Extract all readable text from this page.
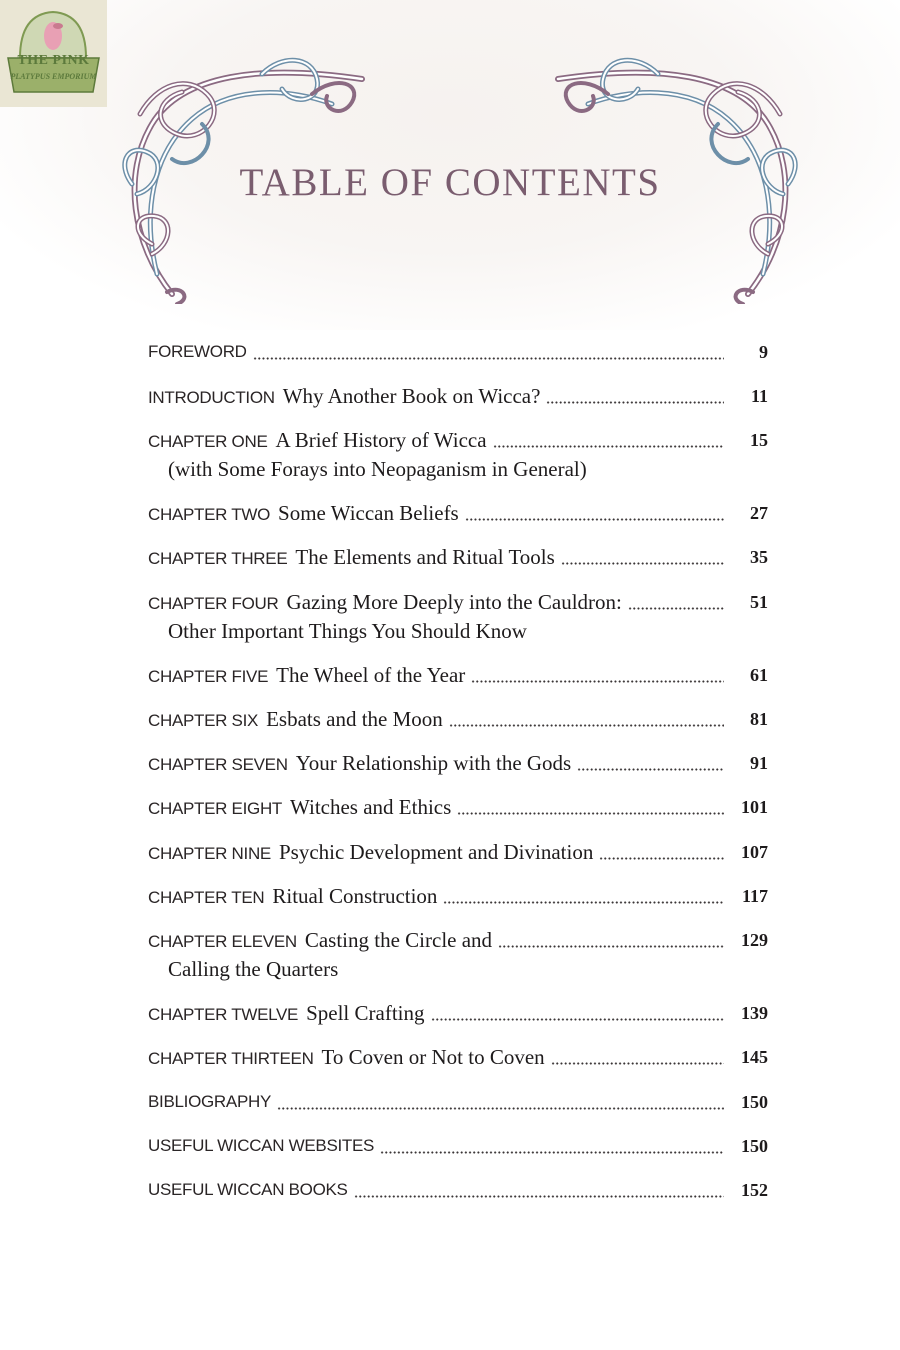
THE PINK
PLATYPUS EMPORIUM
TABLE OF CONTENTS
FOREWORD	9
INTRODUCTION Why Another Book on Wicca?	11
CHAPTER ONE A Brief History of Wicca	15
(with Some Forays into Neopaganism in General)
CHAPTER TWO Some Wiccan Beliefs	27
CHAPTER THREE The Elements and Ritual Tools	35
CHAPTER FOUR Gazing More Deeply into the Cauldron:	51
Other Important Things You Should Know
CHAPTER FIVE The Wheel of the Year	61
CHAPTER SIX Esbats and the Moon	81
CHAPTER SEVEN Your Relationship with the Gods	91
CHAPTER EIGHT Witches and Ethics	101
CHAPTER NINE Psychic Development and Divination	107
CHAPTER TEN Ritual Construction	117
CHAPTER ELEVEN Casting the Circle and	129
Calling the Quarters
CHAPTER TWELVE Spell Crafting	139
CHAPTER THIRTEEN To Coven or Not to Coven	145
BIBLIOGRAPHY	150
USEFUL WICCAN WEBSITES	150
USEFUL WICCAN BOOKS	152
